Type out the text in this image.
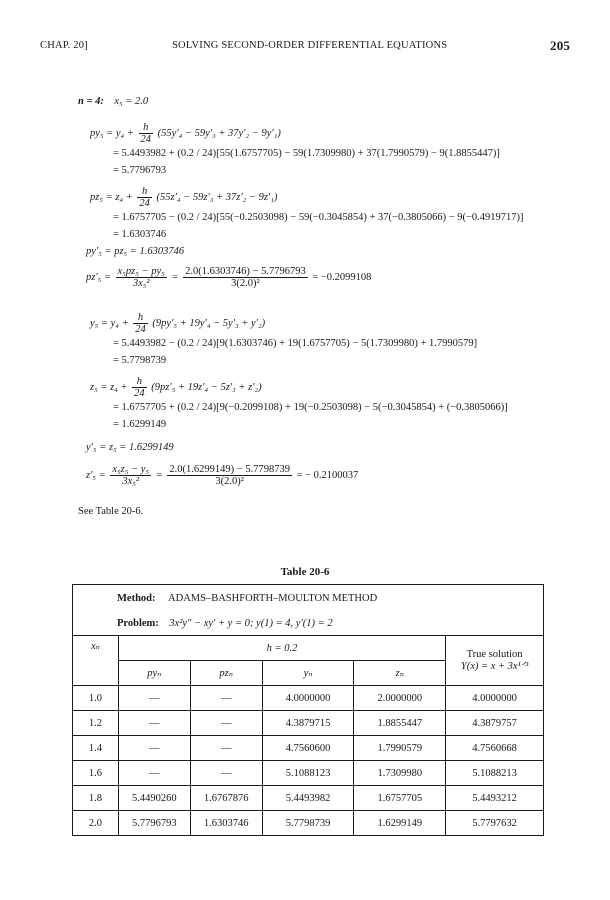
CHAP. 20]	SOLVING SECOND-ORDER DIFFERENTIAL EQUATIONS	205
n = 4: x₅ = 2.0
$py_5 = y_4 + \frac{h}{24} (55y'_4 - 59y'_3 + 37y'_2 - 9y'_1)$
= 5.4493982 + (0.2 / 24)[55(1.6757705) − 59(1.7309980) + 37(1.7990579) − 9(1.8855447)]
= 5.7796793
$pz_5 = z_4 + \frac{h}{24} (55z'_4 - 59z'_3 + 37z'_2 - 9z'_1)$
= 1.6757705 − (0.2 / 24)[55(−0.2503098) − 59(−0.3045854) + 37(−0.3805066) − 9(−0.4919717)]
= 1.6303746
py′₅ = pz₅ = 1.6303746
$pz'_5 = \frac{\text{x₅pz₅ − py₅}}{\text{3x₅²}} = \frac{2.0(1.6303746) - 5.7796793}{\text{3(2.0)²}} = -0.2099108$
$y_5 = y_4 + \frac{h}{24} (9py'_5 + 19y'_4 - 5y'_3 + y'_2)$
= 5.4493982 − (0.2 / 24)[9(1.6303746) + 19(1.6757705) − 5(1.7309980) + 1.7990579]
= 5.7798739
$z_5 = z_4 + \frac{h}{24} (9pz'_5 + 19z'_4 - 5z'_3 + z'_2)$
= 1.6757705 + (0.2 / 24)[9(−0.2099108) + 19(−0.2503098) − 5(−0.3045854) + (−0.3805066)]
= 1.6299149
y′₅ = z₅ = 1.6299149
$z'_5 = \frac{\text{x₅z₅ − y₅}}{\text{3x₅²}} = \frac{2.0(1.6299149) - 5.7798739}{\text{3(2.0)²}}$ = − 0.2100037
See Table 20-6.
Table 20-6
Method: ADAMS–BASHFORTH–MOULTON METHOD					
Problem: 3x²y″ − xy′ + y = 0; y(1) = 4, y′(1) = 2					
xₙ	h = 0.2				True solution
Y(x) = x + 3x¹ᐟ³

	pyₙ	pzₙ	yₙ	zₙ	
1.0	—	—	4.0000000	2.0000000	4.0000000
1.2	—	—	4.3879715	1.8855447	4.3879757
1.4	—	—	4.7560600	1.7990579	4.7560668
1.6	—	—	5.1088123	1.7309980	5.1088213
1.8	5.4490260	1.6767876	5.4493982	1.6757705	5.4493212
2.0	5.7796793	1.6303746	5.7798739	1.6299149	5.7797632
